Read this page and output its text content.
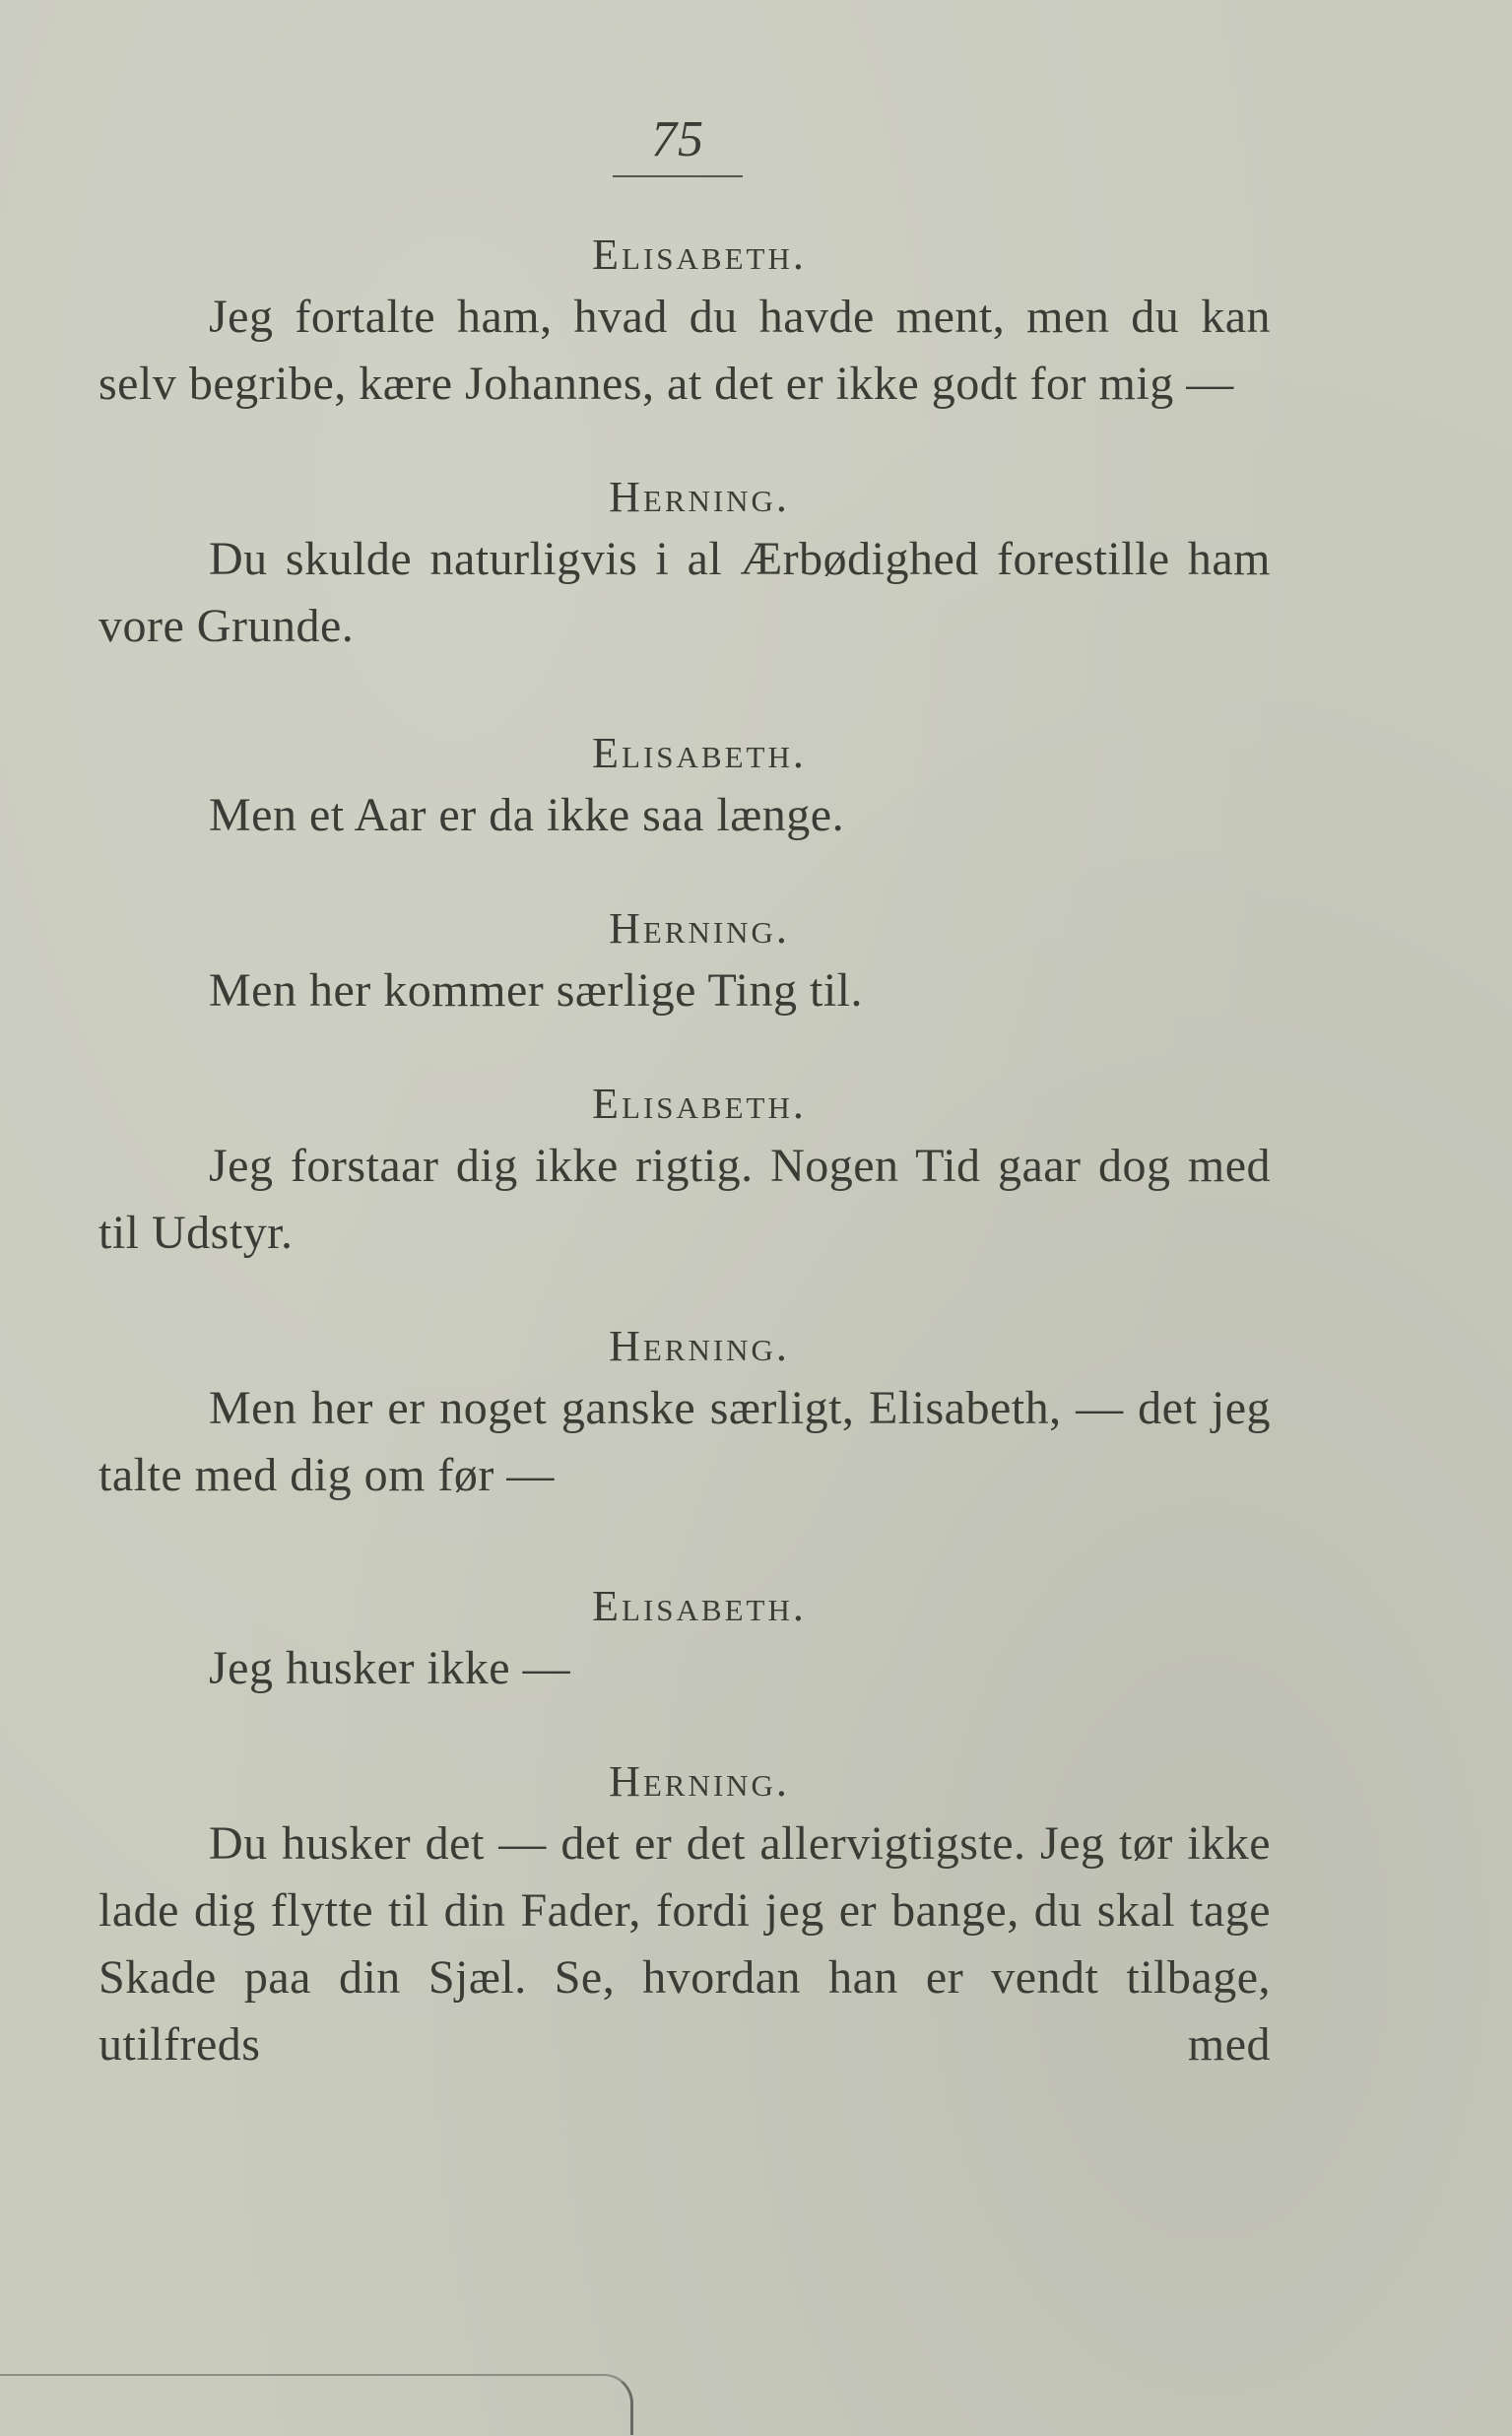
75

Elisabeth.

Jeg fortalte ham, hvad du havde ment, men du kan selv begribe, kære Johannes, at det er ikke godt for mig —

Herning.

Du skulde naturligvis i al Ærbødighed forestille ham vore Grunde.

Elisabeth.

Men et Aar er da ikke saa længe.

Herning.

Men her kommer særlige Ting til.

Elisabeth.

Jeg forstaar dig ikke rigtig. Nogen Tid gaar dog med til Udstyr.

Herning.

Men her er noget ganske særligt, Elisabeth, — det jeg talte med dig om før —

Elisabeth.

Jeg husker ikke —

Herning.

Du husker det — det er det allervigtigste. Jeg tør ikke lade dig flytte til din Fader, fordi jeg er bange, du skal tage Skade paa din Sjæl. Se, hvordan han er vendt tilbage, utilfreds med
